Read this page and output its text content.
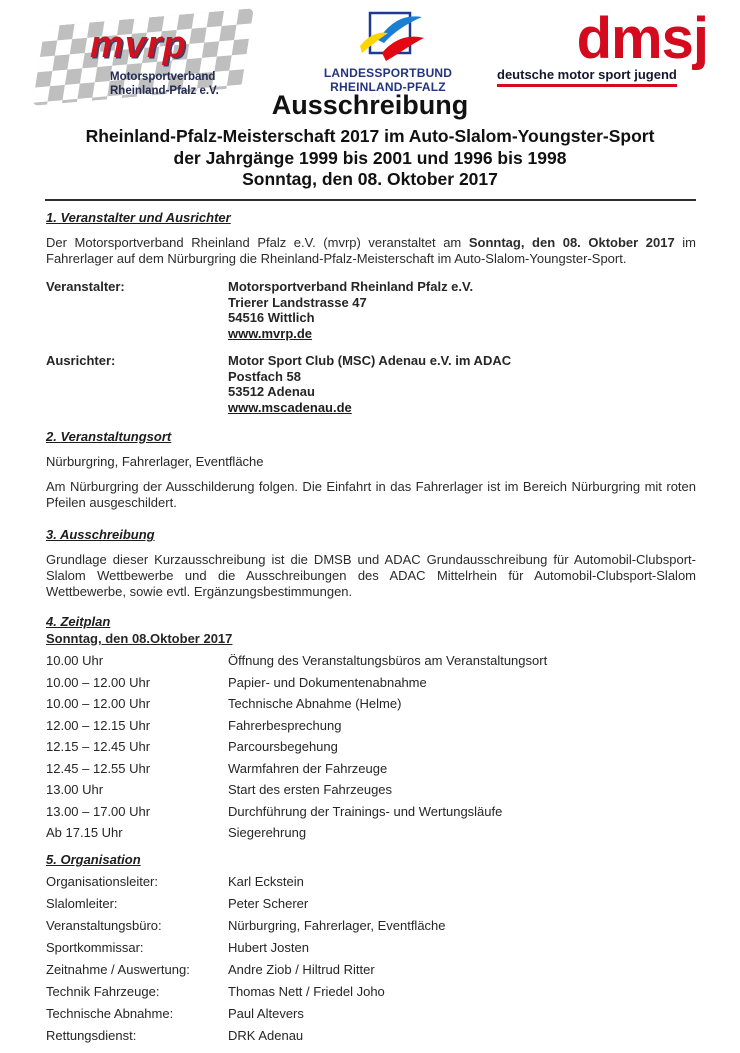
mvrp
Motorsportverband
Rheinland-Pfalz e.V.
LANDESSPORTBUND
RHEINLAND-PFALZ
dmsj
deutsche motor sport jugend
Ausschreibung
Rheinland-Pfalz-Meisterschaft 2017 im Auto-Slalom-Youngster-Sport
der Jahrgänge 1999 bis 2001 und 1996 bis 1998
Sonntag, den 08. Oktober 2017
1. Veranstalter und Ausrichter

Der Motorsportverband Rheinland Pfalz e.V. (mvrp) veranstaltet am Sonntag, den 08. Oktober 2017 im Fahrerlager auf dem Nürburgring die Rheinland-Pfalz-Meisterschaft im Auto-Slalom-Youngster-Sport.

Veranstalter:	Motorsportverband Rheinland Pfalz e.V.
Trierer Landstrasse 47
54516 Wittlich
www.mvrp.de
Ausrichter:	Motor Sport Club (MSC) Adenau e.V. im ADAC
Postfach 58
53512 Adenau
www.mscadenau.de
2. Veranstaltungsort
Nürburgring, Fahrerlager, Eventfläche

Am Nürburgring der Ausschilderung folgen. Die Einfahrt in das Fahrerlager ist im Bereich Nürburgring mit roten Pfeilen ausgeschildert.

3. Ausschreibung

Grundlage dieser Kurzausschreibung ist die DMSB und ADAC Grundausschreibung für Automobil-Clubsport-Slalom Wettbewerbe und die Ausschreibungen des ADAC Mittelrhein für Automobil-Clubsport-Slalom Wettbewerbe, sowie evtl. Ergänzungsbestimmungen.

4. Zeitplan
Sonntag, den 08.Oktober 2017
10.00 Uhr	Öffnung des Veranstaltungsbüros am Veranstaltungsort
10.00 – 12.00 Uhr	Papier- und Dokumentenabnahme
10.00 – 12.00 Uhr	Technische Abnahme (Helme)
12.00 – 12.15 Uhr	Fahrerbesprechung
12.15 – 12.45 Uhr	Parcoursbegehung
12.45 – 12.55 Uhr	Warmfahren der Fahrzeuge
13.00 Uhr	Start des ersten Fahrzeuges
13.00 – 17.00 Uhr	Durchführung der Trainings- und Wertungsläufe
Ab 17.15 Uhr	Siegerehrung
5. Organisation
Organisationsleiter:	Karl Eckstein
Slalomleiter:	Peter Scherer
Veranstaltungsbüro:	Nürburgring, Fahrerlager, Eventfläche
Sportkommissar:	Hubert Josten
Zeitnahme / Auswertung:	Andre Ziob / Hiltrud Ritter
Technik Fahrzeuge:	Thomas Nett / Friedel Joho
Technische Abnahme:	Paul Altevers
Rettungsdienst:	DRK Adenau
